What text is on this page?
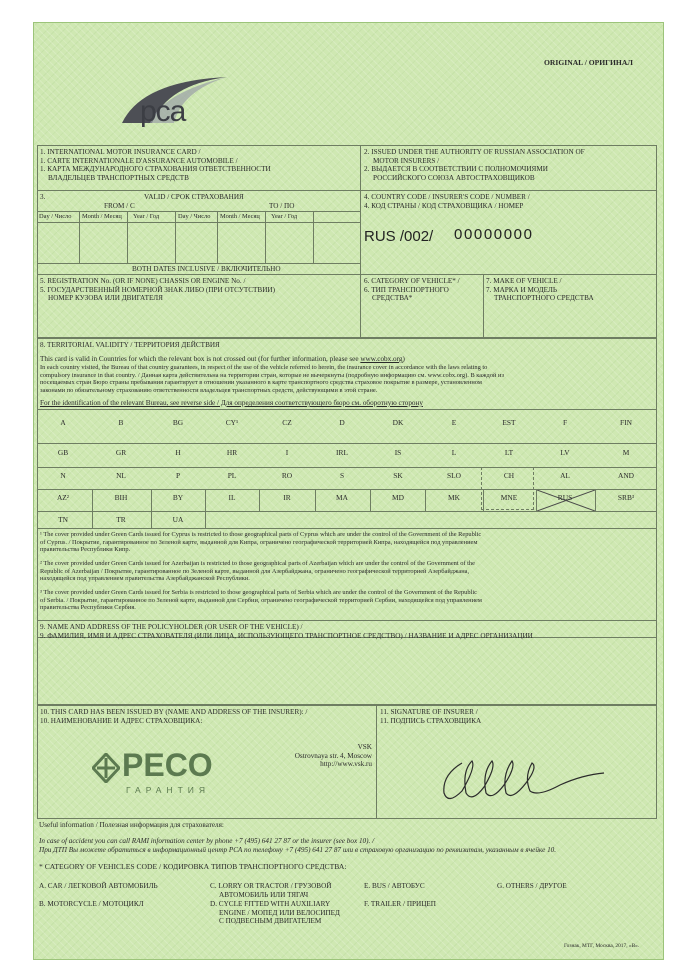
ORIGINAL / ОРИГИНАЛ
pca
1. INTERNATIONAL MOTOR INSURANCE CARD /
1. CARTE INTERNATIONALE D'ASSURANCE AUTOMOBILE /
1. КАРТА МЕЖДУНАРОДНОГО СТРАХОВАНИЯ ОТВЕТСТВЕННОСТИ
ВЛАДЕЛЬЦЕВ ТРАНСПОРТНЫХ СРЕДСТВ
2. ISSUED UNDER THE AUTHORITY OF RUSSIAN ASSOCIATION OF
MOTOR INSURERS /
2. ВЫДАЕТСЯ В СООТВЕТСТВИИ С ПОЛНОМОЧИЯМИ
РОССИЙСКОГО СОЮЗА АВТОСТРАХОВЩИКОВ
3.	VALID / СРОК СТРАХОВАНИЯ
FROM / С	TO / ПО
Day / Число Month / Месяц Year / Год	Day / Число Month / Месяц Year / Год
BOTH DATES INCLUSIVE / ВКЛЮЧИТЕЛЬНО
4. COUNTRY CODE / INSURER'S CODE / NUMBER /
4. КОД СТРАНЫ / КОД СТРАХОВЩИКА / НОМЕР
RUS /002/ 00000000
5. REGISTRATION No. (OR IF NONE) CHASSIS OR ENGINE No. /
5. ГОСУДАРСТВЕННЫЙ НОМЕРНОЙ ЗНАК ЛИБО (ПРИ ОТСУТСТВИИ)
НОМЕР КУЗОВА ИЛИ ДВИГАТЕЛЯ
6. CATEGORY OF VEHICLE* /
6. ТИП ТРАНСПОРТНОГО
СРЕДСТВА*
7. MAKE OF VEHICLE /
7. МАРКА И МОДЕЛЬ
ТРАНСПОРТНОГО СРЕДСТВА
8. TERRITORIAL VALIDITY / ТЕРРИТОРИЯ ДЕЙСТВИЯ
This card is valid in Countries for which the relevant box is not crossed out (for further information, please see www.cobx.org)
In each country visited, the Bureau of that country guarantees, in respect of the use of the vehicle referred to herein, the insurance cover in accordance with the laws relating to
compulsory insurance in that country. / Данная карта действительна на территории стран, которые не вычеркнуты (подробную информацию см. www.cobx.org). В каждой из
посещаемых стран Бюро страны пребывания гарантирует в отношении указанного в карте транспортного средства страховое покрытие в размере, установленном
законами по обязательному страхованию ответственности владельцев транспортных средств, действующими в этой стране.
For the identification of the relevant Bureau, see reverse side / Для определения соответствующего бюро см. оборотную сторону
A	B	BG	CY¹	CZ	D	DK	E	EST	F	FIN
GB	GR	H	HR	I	IRL	IS	L	LT	LV	M
N	NL	P	PL	RO	S	SK	SLO	CH	AL	AND
AZ²	BIH	BY	IL	IR	MA	MD	MK	MNE	RUS	SRB³
TN	TR	UA
¹ The cover provided under Green Cards issued for Cyprus is restricted to those geographical parts of Cyprus which are under the control of the Government of the Republic
of Cyprus. / Покрытие, гарантированное по Зеленой карте, выданной для Кипра, ограничено географической территорией Кипра, находящейся под управлением
правительства Республики Кипр.
² The cover provided under Green Cards issued for Azerbaijan is restricted to those geographical parts of Azerbaijan which are under the control of the Government of the
Republic of Azerbaijan / Покрытие, гарантированное по Зеленой карте, выданной для Азербайджана, ограничено географической территорией Азербайджана,
находящейся под управлением правительства Азербайджанской Республики.
³ The cover provided under Green Cards issued for Serbia is restricted to those geographical parts of Serbia which are under the control of the Government of the Republic
of Serbia. / Покрытие, гарантированное по Зеленой карте, выданной для Сербии, ограничено географической территорией Сербии, находящейся под управлением
правительства Республики Сербия.
9. NAME AND ADDRESS OF THE POLICYHOLDER (OR USER OF THE VEHICLE) /
9. ФАМИЛИЯ, ИМЯ И АДРЕС СТРАХОВАТЕЛЯ (ИЛИ ЛИЦА, ИСПОЛЬЗУЮЩЕГО ТРАНСПОРТНОЕ СРЕДСТВО) / НАЗВАНИЕ И АДРЕС ОРГАНИЗАЦИИ
10. THIS CARD HAS BEEN ISSUED BY (NAME AND ADDRESS OF THE INSURER): /
10. НАИМЕНОВАНИЕ И АДРЕС СТРАХОВЩИКА:
VSK
Ostrovnaya str. 4, Moscow
http://www.vsk.ru
PECO
ГАРАНТИЯ
11. SIGNATURE OF INSURER /
11. ПОДПИСЬ СТРАХОВЩИКА
Useful information / Полезная информация для страхователя:
In case of accident you can call RAMI information center by phone +7 (495) 641 27 87 or the insurer (see box 10). /
При ДТП Вы можете обратиться в информационный центр РСА по телефону +7 (495) 641 27 87 или в страховую организацию по реквизитам, указанным в ячейке 10.
* CATEGORY OF VEHICLES CODE / КОДИРОВКА ТИПОВ ТРАНСПОРТНОГО СРЕДСТВА:
A. CAR / ЛЕГКОВОЙ АВТОМОБИЛЬ
B. MOTORCYCLE / МОТОЦИКЛ
C. LORRY OR TRACTOR / ГРУЗОВОЙ
АВТОМОБИЛЬ ИЛИ ТЯГАЧ
D. CYCLE FITTED WITH AUXILIARY
ENGINE / МОПЕД ИЛИ ВЕЛОСИПЕД
С ПОДВЕСНЫМ ДВИГАТЕЛЕМ
E. BUS / АВТОБУС
F. TRAILER / ПРИЦЕП
G. OTHERS / ДРУГОЕ
Гознак, МТГ, Москва, 2017, «В».
